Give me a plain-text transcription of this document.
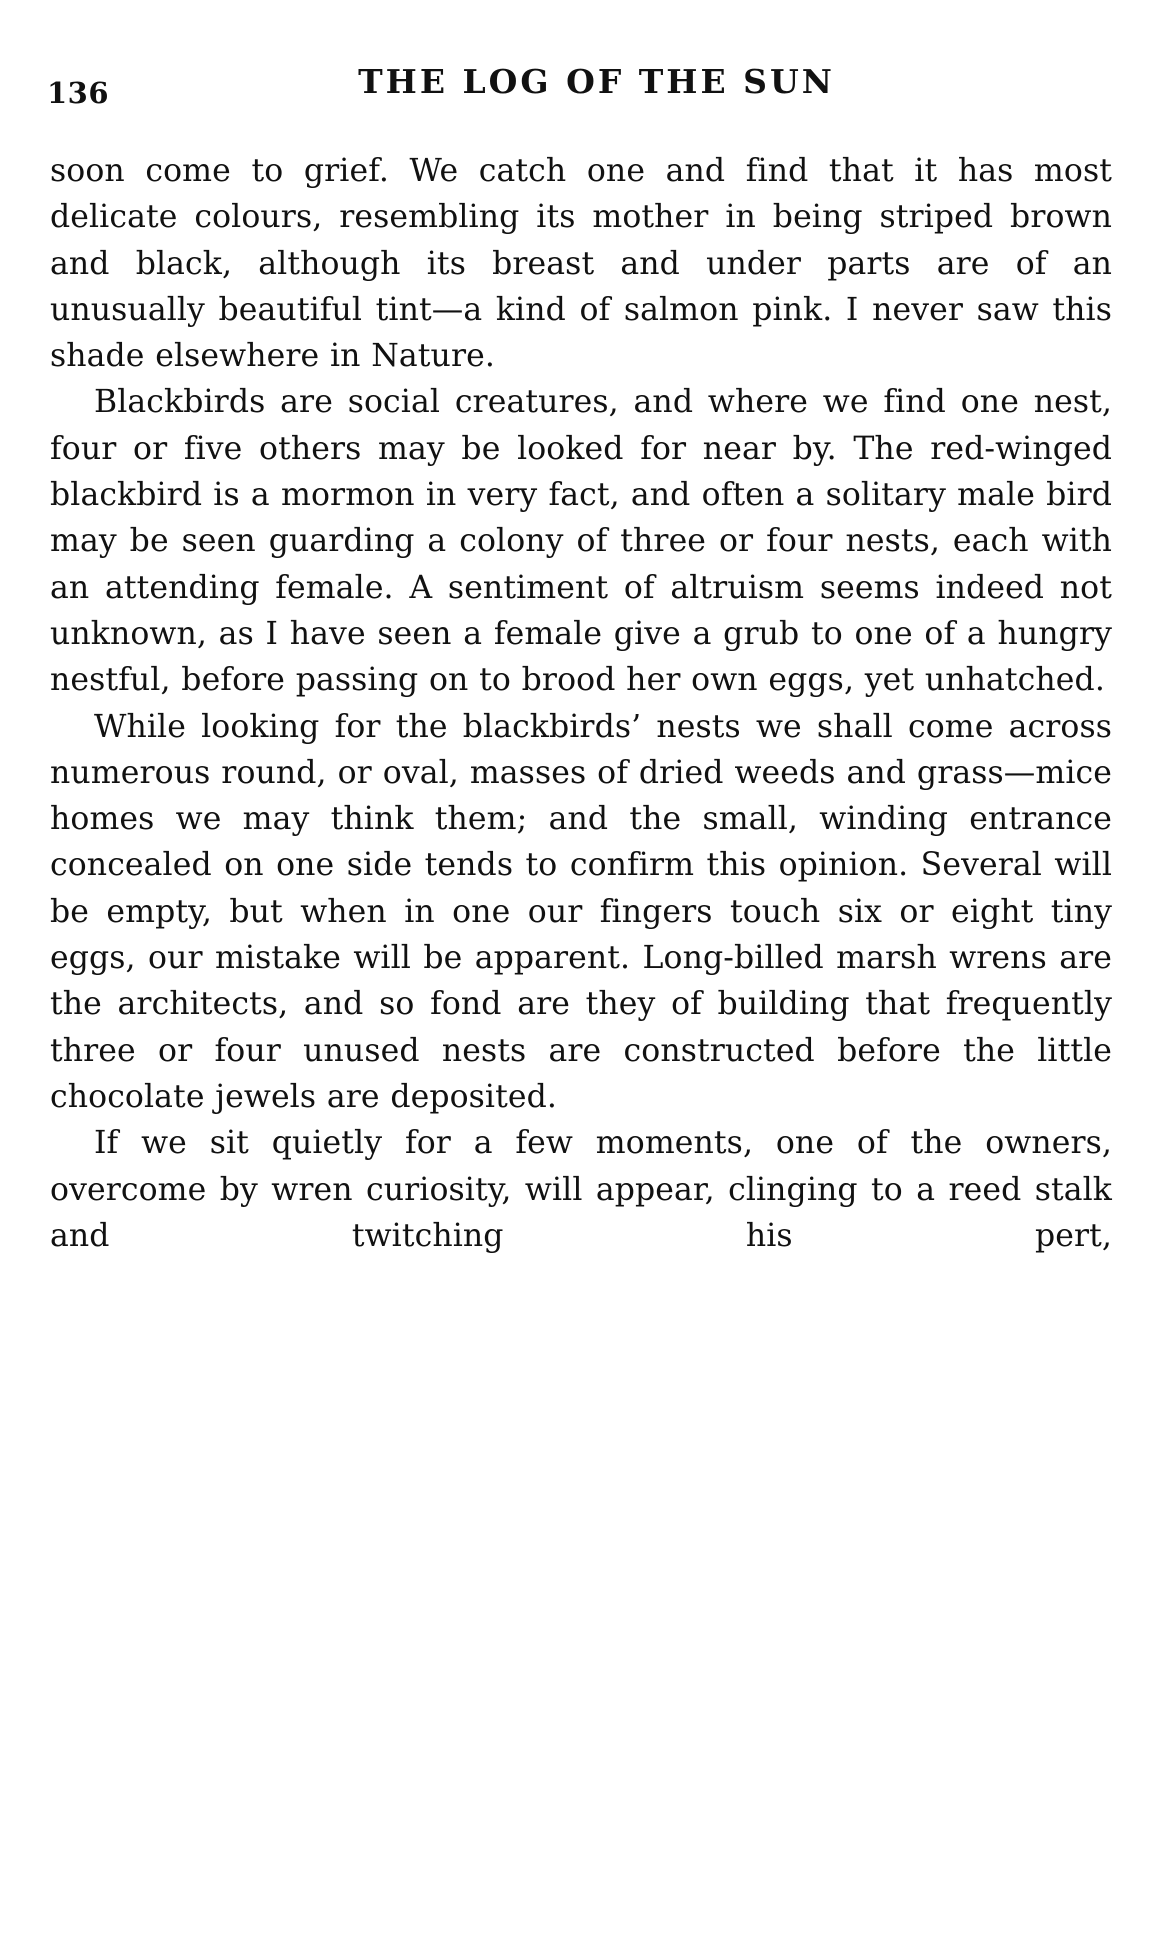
136	THE LOG OF THE SUN

soon come to grief. We catch one and find that it has most delicate colours, resembling its mother in being striped brown and black, although its breast and under parts are of an unusually beautiful tint—a kind of salmon pink. I never saw this shade elsewhere in Nature.

Blackbirds are social creatures, and where we find one nest, four or five others may be looked for near by. The red-winged blackbird is a mormon in very fact, and often a solitary male bird may be seen guarding a colony of three or four nests, each with an attending female. A sentiment of altruism seems indeed not unknown, as I have seen a female give a grub to one of a hungry nestful, before passing on to brood her own eggs, yet unhatched.

While looking for the blackbirds’ nests we shall come across numerous round, or oval, masses of dried weeds and grass—mice homes we may think them; and the small, winding entrance concealed on one side tends to confirm this opinion. Several will be empty, but when in one our fingers touch six or eight tiny eggs, our mistake will be apparent. Long-billed marsh wrens are the architects, and so fond are they of building that frequently three or four unused nests are constructed before the little chocolate jewels are deposited.

If we sit quietly for a few moments, one of the owners, overcome by wren curiosity, will appear, clinging to a reed stalk and twitching his pert,
